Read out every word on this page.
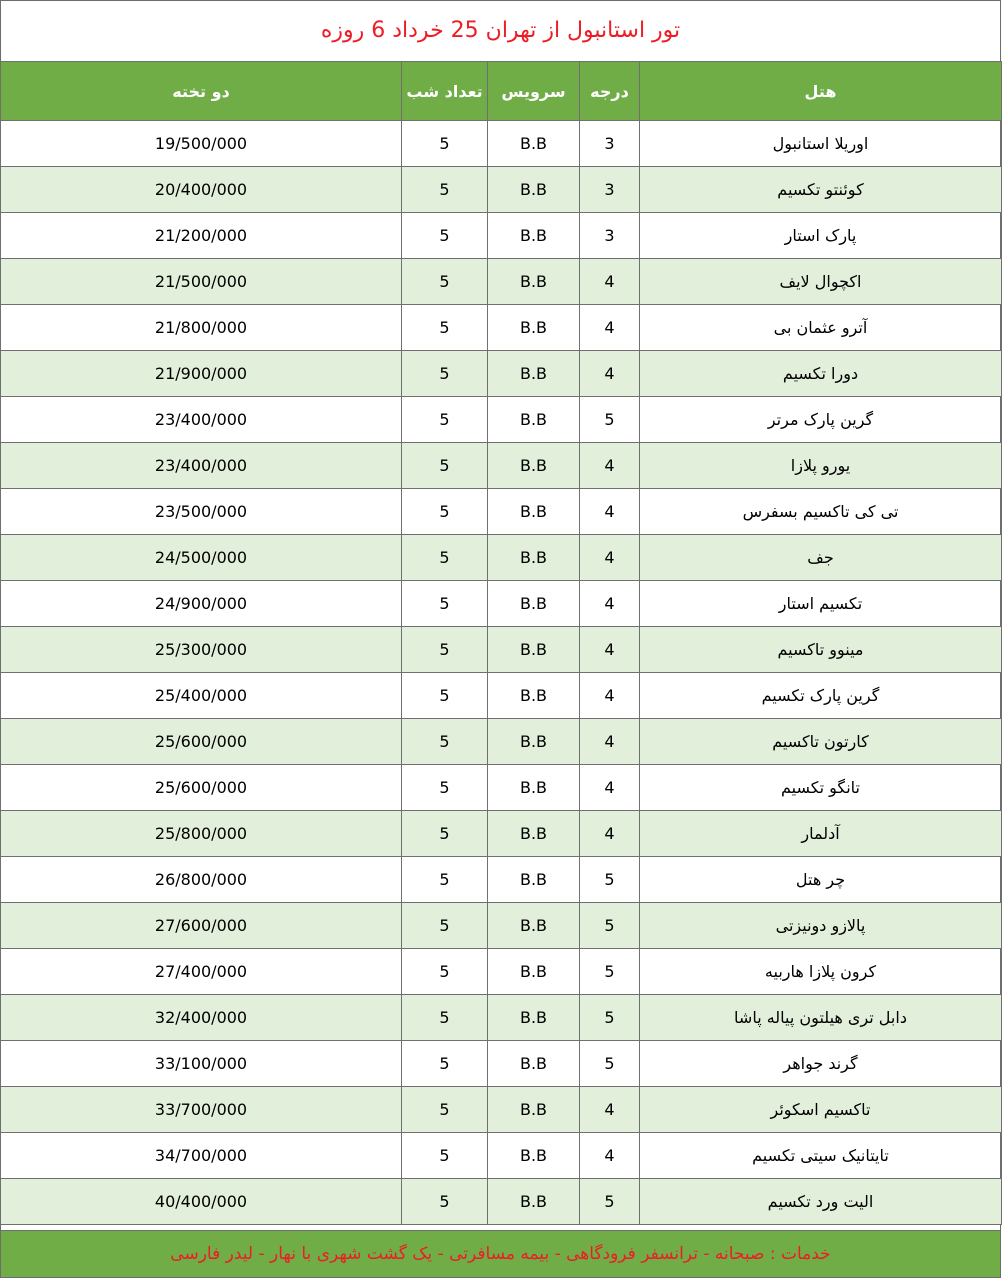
تور استانبول از تهران 25 خرداد 6 روزه
هتل	درجه	سرویس	تعداد شب	دو تخته
اوریلا استانبول	3	B.B	5	19/500/000
کوئنتو تکسیم	3	B.B	5	20/400/000
پارک استار	3	B.B	5	21/200/000
اکچوال لایف	4	B.B	5	21/500/000
آترو عثمان بی	4	B.B	5	21/800/000
دورا تکسیم	4	B.B	5	21/900/000
گرین پارک مرتر	5	B.B	5	23/400/000
یورو پلازا	4	B.B	5	23/400/000
تی کی تاکسیم بسفرس	4	B.B	5	23/500/000
جف	4	B.B	5	24/500/000
تکسیم استار	4	B.B	5	24/900/000
مینوو تاکسیم	4	B.B	5	25/300/000
گرین پارک تکسیم	4	B.B	5	25/400/000
کارتون تاکسیم	4	B.B	5	25/600/000
تانگو تکسیم	4	B.B	5	25/600/000
آدلمار	4	B.B	5	25/800/000
چر هتل	5	B.B	5	26/800/000
پالازو دونیزتی	5	B.B	5	27/600/000
کرون پلازا هاربیه	5	B.B	5	27/400/000
دابل تری هیلتون پیاله پاشا	5	B.B	5	32/400/000
گرند جواهر	5	B.B	5	33/100/000
تاکسیم اسکوئر	4	B.B	5	33/700/000
تایتانیک سیتی تکسیم	4	B.B	5	34/700/000
الیت ورد تکسیم	5	B.B	5	40/400/000
خدمات : صبحانه - ترانسفر فرودگاهی - بیمه مسافرتی - یک گشت شهری با نهار - لیدر فارسی
